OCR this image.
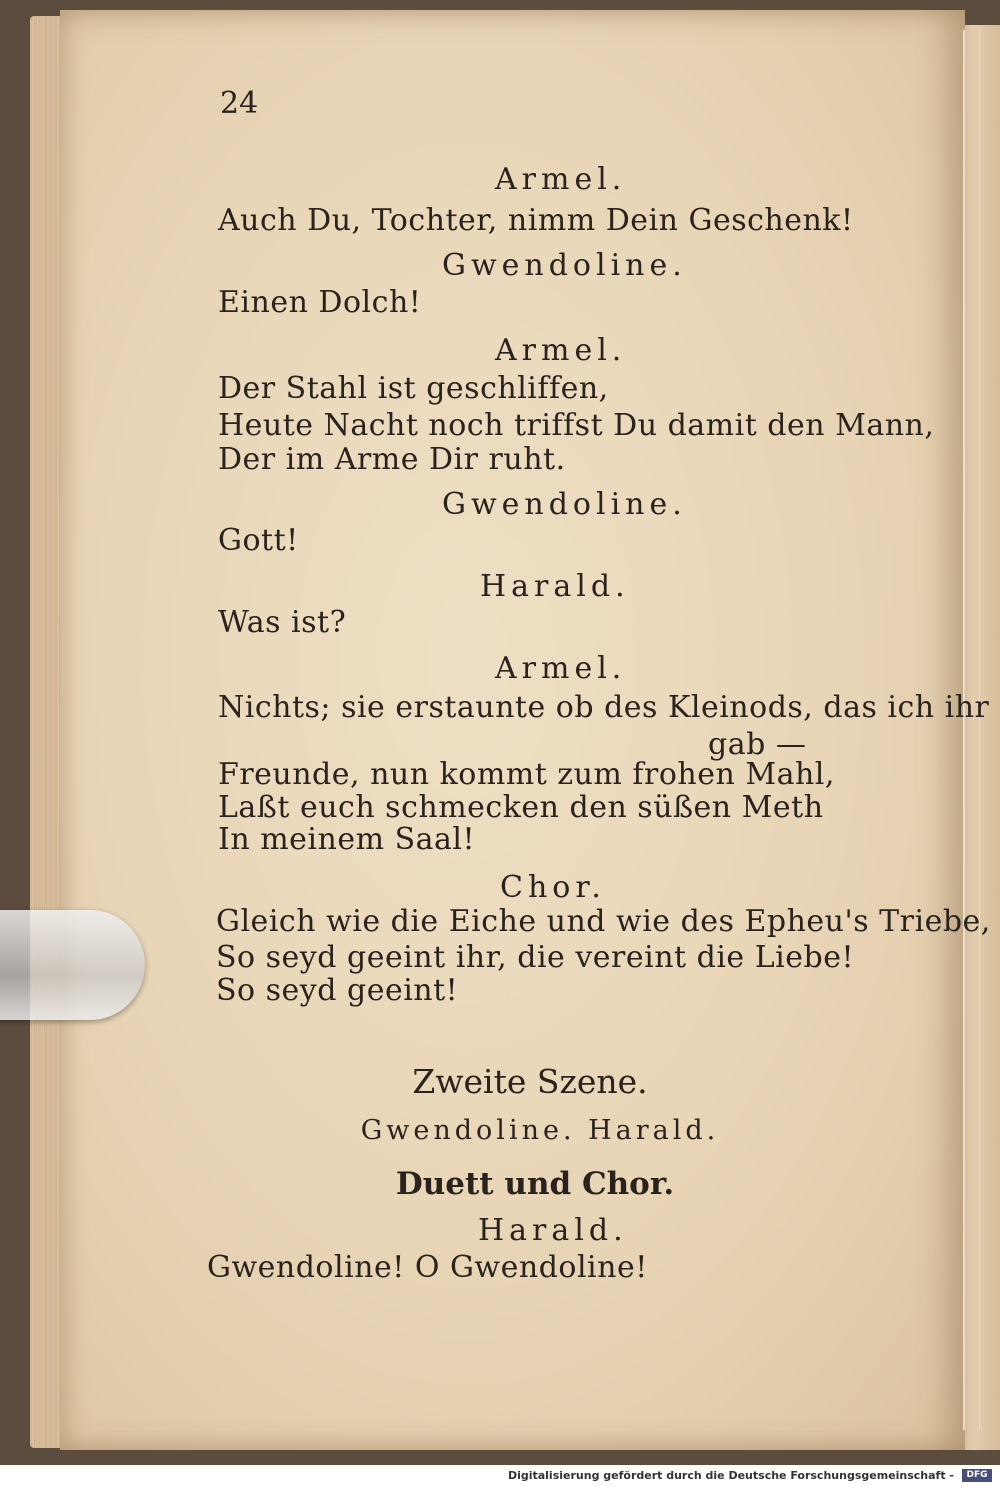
24
Armel.
Auch Du, Tochter, nimm Dein Geschenk!
Gwendoline.
Einen Dolch!
Armel.
Der Stahl ist geschliffen,
Heute Nacht noch triffst Du damit den Mann,
Der im Arme Dir ruht.
Gwendoline.
Gott!
Harald.
Was ist?
Armel.
Nichts; sie erstaunte ob des Kleinods, das ich ihr
gab —
Freunde, nun kommt zum frohen Mahl,
Laßt euch schmecken den süßen Meth
In meinem Saal!
Chor.
Gleich wie die Eiche und wie des Epheu's Triebe,
So seyd geeint ihr, die vereint die Liebe!
So seyd geeint!
Zweite Szene.
Gwendoline. Harald.
Duett und Chor.
Harald.
Gwendoline! O Gwendoline!
Digitalisierung gefördert durch die Deutsche Forschungsgemeinschaft -	DFG
